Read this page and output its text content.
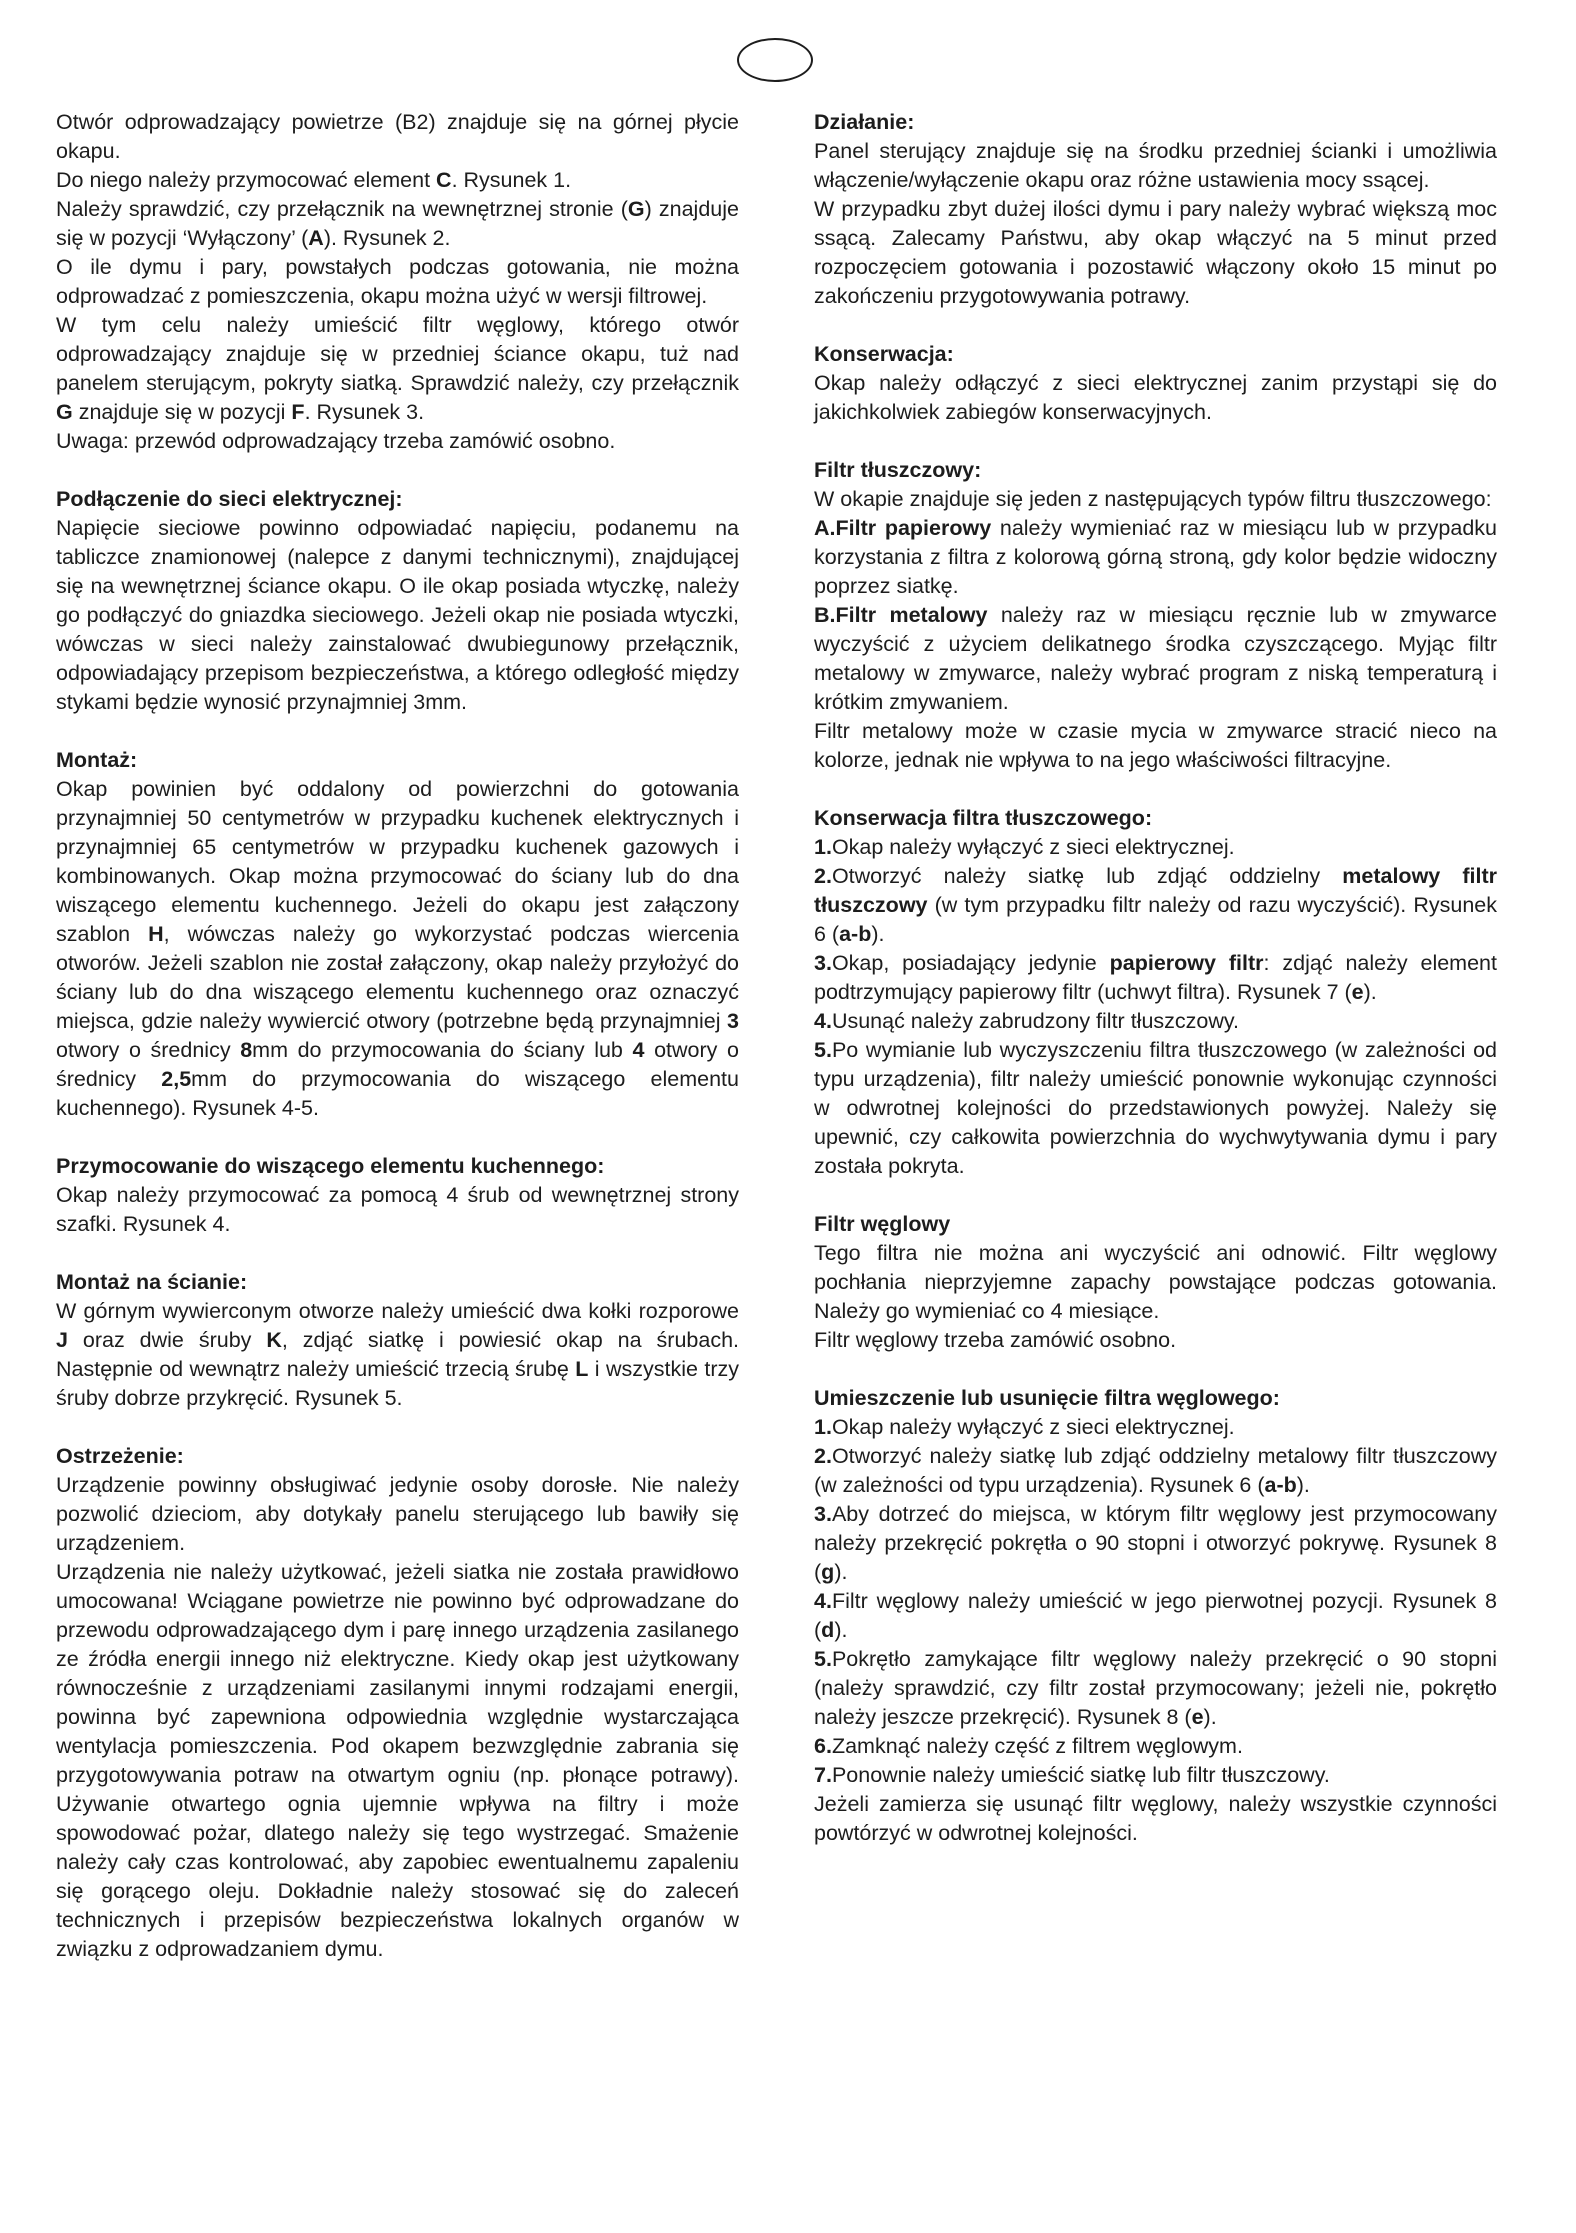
Otwór odprowadzający powietrze (B2) znajduje się na górnej płycie okapu.

Do niego należy przymocować element C. Rysunek 1.

Należy sprawdzić, czy przełącznik na wewnętrznej stronie (G) znajduje się w pozycji ‘Wyłączony’ (A). Rysunek 2.

O ile dymu i pary, powstałych podczas gotowania, nie można odprowadzać z pomieszczenia, okapu można użyć w wersji filtrowej.

W tym celu należy umieścić filtr węglowy, którego otwór odprowadzający znajduje się w przedniej ściance okapu, tuż nad panelem sterującym, pokryty siatką. Sprawdzić należy, czy przełącznik G znajduje się w pozycji F. Rysunek 3.

Uwaga: przewód odprowadzający trzeba zamówić osobno.

Podłączenie do sieci elektrycznej:

Napięcie sieciowe powinno odpowiadać napięciu, podanemu na tabliczce znamionowej (nalepce z danymi technicznymi), znajdującej się na wewnętrznej ściance okapu. O ile okap posiada wtyczkę, należy go podłączyć do gniazdka sieciowego. Jeżeli okap nie posiada wtyczki, wówczas w sieci należy zainstalować dwubiegunowy przełącznik, odpowiadający przepisom bezpieczeństwa, a którego odległość między stykami będzie wynosić przynajmniej 3mm.

Montaż:

Okap powinien być oddalony od powierzchni do gotowania przynajmniej 50 centymetrów w przypadku kuchenek elektrycznych i przynajmniej 65 centymetrów w przypadku kuchenek gazowych i kombinowanych. Okap można przymocować do ściany lub do dna wiszącego elementu kuchennego. Jeżeli do okapu jest załączony szablon H, wówczas należy go wykorzystać podczas wiercenia otworów. Jeżeli szablon nie został załączony, okap należy przyłożyć do ściany lub do dna wiszącego elementu kuchennego oraz oznaczyć miejsca, gdzie należy wywiercić otwory (potrzebne będą przynajmniej 3 otwory o średnicy 8mm do przymocowania do ściany lub 4 otwory o średnicy 2,5mm do przymocowania do wiszącego elementu kuchennego). Rysunek 4-5.

Przymocowanie do wiszącego elementu kuchennego:

Okap należy przymocować za pomocą 4 śrub od wewnętrznej strony szafki. Rysunek 4.

Montaż na ścianie:

W górnym wywierconym otworze należy umieścić dwa kołki rozporowe J oraz dwie śruby K, zdjąć siatkę i powiesić okap na śrubach. Następnie od wewnątrz należy umieścić trzecią śrubę L i wszystkie trzy śruby dobrze przykręcić. Rysunek 5.

Ostrzeżenie:

Urządzenie powinny obsługiwać jedynie osoby dorosłe. Nie należy pozwolić dzieciom, aby dotykały panelu sterującego lub bawiły się urządzeniem.

Urządzenia nie należy użytkować, jeżeli siatka nie została prawidłowo umocowana! Wciągane powietrze nie powinno być odprowadzane do przewodu odprowadzającego dym i parę innego urządzenia zasilanego ze źródła energii innego niż elektryczne. Kiedy okap jest użytkowany równocześnie z urządzeniami zasilanymi innymi rodzajami energii, powinna być zapewniona odpowiednia względnie wystarczająca wentylacja pomieszczenia. Pod okapem bezwzględnie zabrania się przygotowywania potraw na otwartym ogniu (np. płonące potrawy). Używanie otwartego ognia ujemnie wpływa na filtry i może spowodować pożar, dlatego należy się tego wystrzegać. Smażenie należy cały czas kontrolować, aby zapobiec ewentualnemu zapaleniu się gorącego oleju. Dokładnie należy stosować się do zaleceń technicznych i przepisów bezpieczeństwa lokalnych organów w związku z odprowadzaniem dymu.

Działanie:

Panel sterujący znajduje się na środku przedniej ścianki i umożliwia włączenie/wyłączenie okapu oraz różne ustawienia mocy ssącej.

W przypadku zbyt dużej ilości dymu i pary należy wybrać większą moc ssącą. Zalecamy Państwu, aby okap włączyć na 5 minut przed rozpoczęciem gotowania i pozostawić włączony około 15 minut po zakończeniu przygotowywania potrawy.

Konserwacja:

Okap należy odłączyć z sieci elektrycznej zanim przystąpi się do jakichkolwiek zabiegów konserwacyjnych.

Filtr tłuszczowy:

W okapie znajduje się jeden z następujących typów filtru tłuszczowego:

A.Filtr papierowy należy wymieniać raz w miesiącu lub w przypadku korzystania z filtra z kolorową górną stroną, gdy kolor będzie widoczny poprzez siatkę.

B.Filtr metalowy należy raz w miesiącu ręcznie lub w zmywarce wyczyścić z użyciem delikatnego środka czyszczącego. Myjąc filtr metalowy w zmywarce, należy wybrać program z niską temperaturą i krótkim zmywaniem.

Filtr metalowy może w czasie mycia w zmywarce stracić nieco na kolorze, jednak nie wpływa to na jego właściwości filtracyjne.

Konserwacja filtra tłuszczowego:

1.Okap należy wyłączyć z sieci elektrycznej.

2.Otworzyć należy siatkę lub zdjąć oddzielny metalowy filtr tłuszczowy (w tym przypadku filtr należy od razu wyczyścić). Rysunek 6 (a-b).

3.Okap, posiadający jedynie papierowy filtr: zdjąć należy element podtrzymujący papierowy filtr (uchwyt filtra). Rysunek 7 (e).

4.Usunąć należy zabrudzony filtr tłuszczowy.

5.Po wymianie lub wyczyszczeniu filtra tłuszczowego (w zależności od typu urządzenia), filtr należy umieścić ponownie wykonując czynności w odwrotnej kolejności do przedstawionych powyżej. Należy się upewnić, czy całkowita powierzchnia do wychwytywania dymu i pary została pokryta.

Filtr węglowy

Tego filtra nie można ani wyczyścić ani odnowić. Filtr węglowy pochłania nieprzyjemne zapachy powstające podczas gotowania. Należy go wymieniać co 4 miesiące.

Filtr węglowy trzeba zamówić osobno.

Umieszczenie lub usunięcie filtra węglowego:

1.Okap należy wyłączyć z sieci elektrycznej.

2.Otworzyć należy siatkę lub zdjąć oddzielny metalowy filtr tłuszczowy (w zależności od typu urządzenia). Rysunek 6 (a-b).

3.Aby dotrzeć do miejsca, w którym filtr węglowy jest przymocowany należy przekręcić pokrętła o 90 stopni i otworzyć pokrywę. Rysunek 8 (g).

4.Filtr węglowy należy umieścić w jego pierwotnej pozycji. Rysunek 8 (d).

5.Pokrętło zamykające filtr węglowy należy przekręcić o 90 stopni (należy sprawdzić, czy filtr został przymocowany; jeżeli nie, pokrętło należy jeszcze przekręcić). Rysunek 8 (e).

6.Zamknąć należy część z filtrem węglowym.

7.Ponownie należy umieścić siatkę lub filtr tłuszczowy.

Jeżeli zamierza się usunąć filtr węglowy, należy wszystkie czynności powtórzyć w odwrotnej kolejności.
